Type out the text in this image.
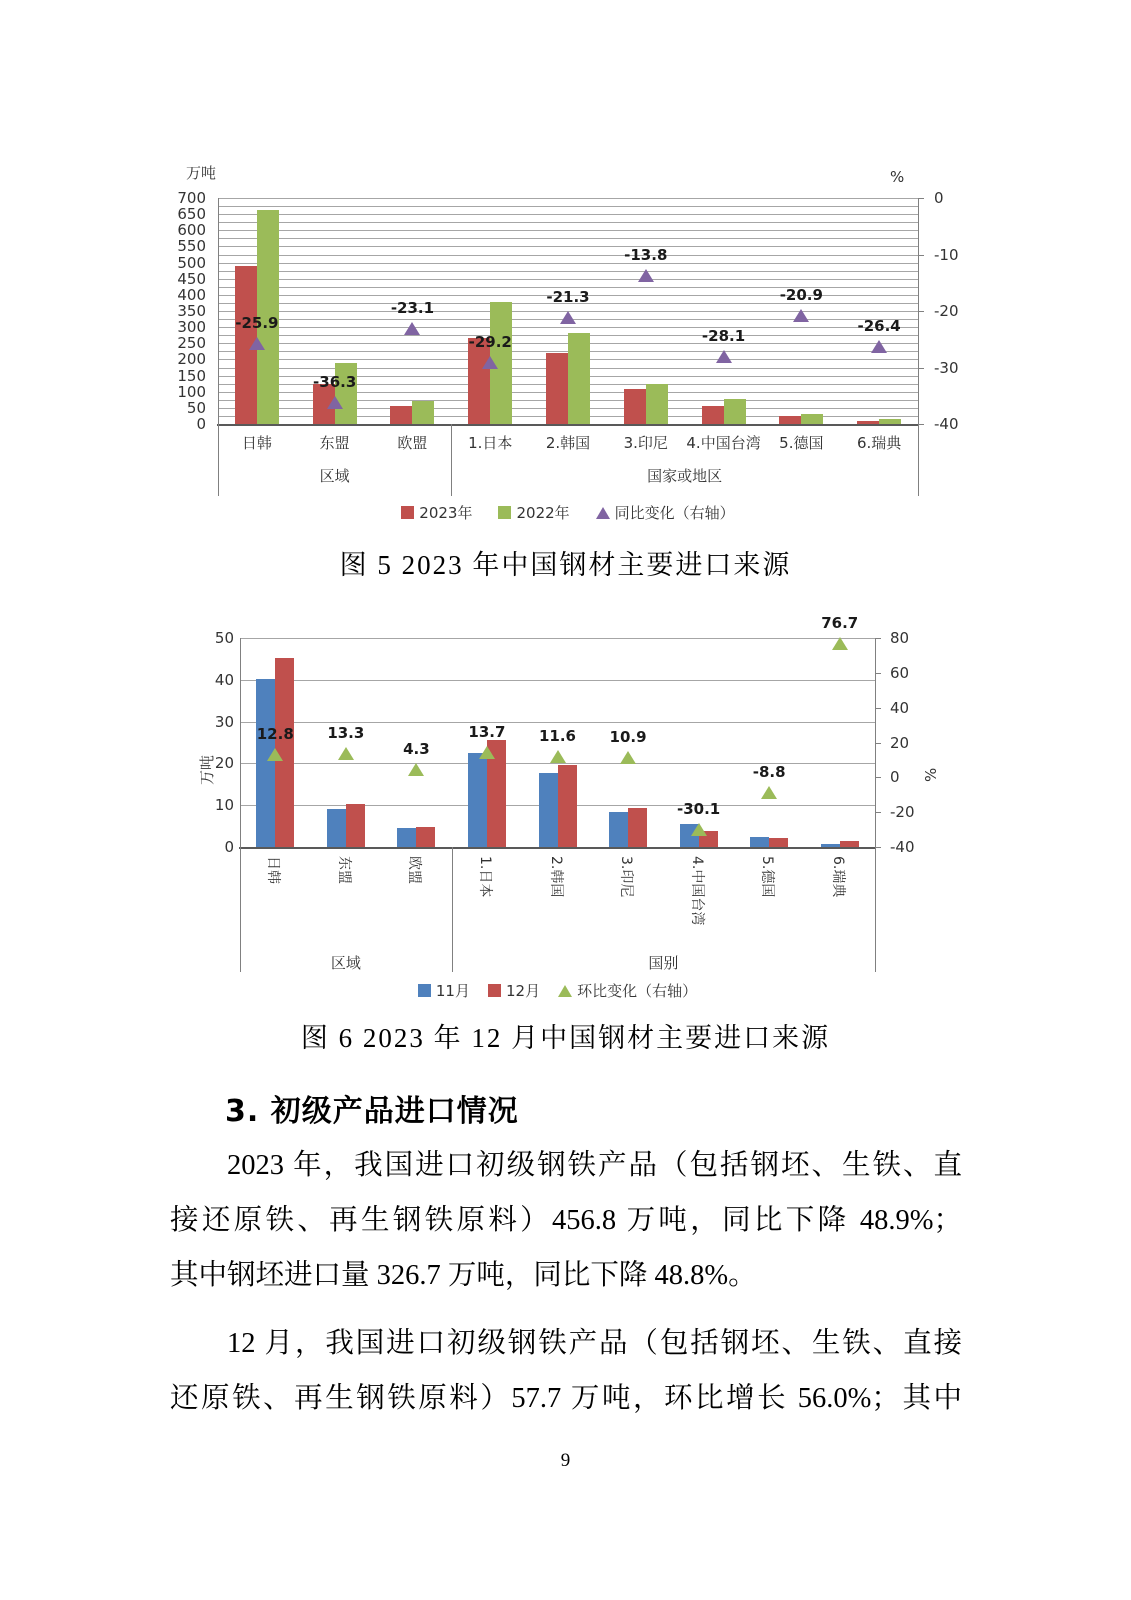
0
50
100
150
200
250
300
350
400
450
500
550
600
650
700	0
-10
-20
-30
-40
万吨	%
-25.9
-36.3
-23.1
-29.2
-21.3
-13.8
-28.1
-20.9
-26.4
日韩	东盟	欧盟	1.日本	2.韩国	3.印尼	4.中国台湾	5.德国	6.瑞典
区域	国家或地区
2023年	2022年	同比变化（右轴）
图 5 2023 年中国钢材主要进口来源
0
10
20
30
40
50	80
60
40
20
0
-20
-40
万吨	%
12.8	13.3
4.3
13.7	11.6	10.9
-30.1
-8.8
76.7
日韩	东盟	欧盟	1.日本	2.韩国	3.印尼	4.中国台湾	5.德国	6.瑞典
区域	国别
11月 12月 环比变化（右轴）
图 6 2023 年 12 月中国钢材主要进口来源
3. 初级产品进口情况
2023 年，我国进口初级钢铁产品（包括钢坯、生铁、直
接还原铁、再生钢铁原料）456.8 万吨，同比下降 48.9%；
其中钢坯进口量 326.7 万吨，同比下降 48.8%。
12 月，我国进口初级钢铁产品（包括钢坯、生铁、直接
还原铁、再生钢铁原料）57.7 万吨，环比增长 56.0%；其中
9
